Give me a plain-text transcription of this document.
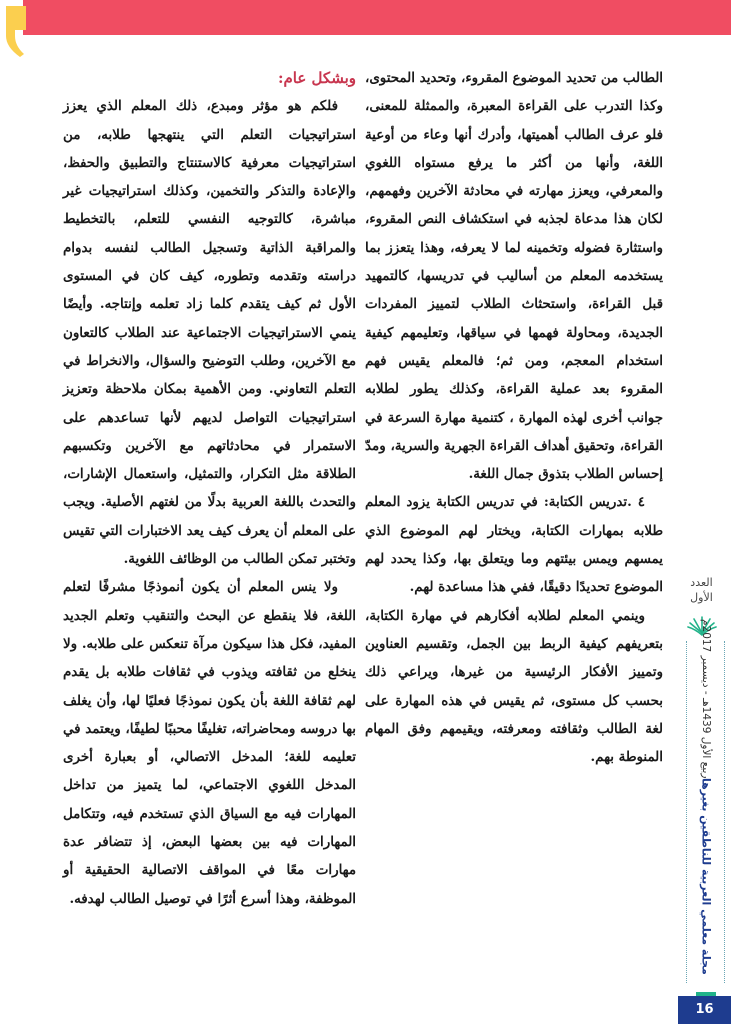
الطالب من تحديد الموضوع المقروء، وتحديد المحتوى، وكذا التدرب على القراءة المعبرة، والممثلة للمعنى، فلو عرف الطالب أهميتها، وأدرك أنها وعاء من أوعية اللغة، وأنها من أكثر ما يرفع مستواه اللغوي والمعرفي، ويعزز مهارته في محادثة الآخرين وفهمهم، لكان هذا مدعاة لجذبه في استكشاف النص المقروء، واستثارة فضوله وتخمينه لما لا يعرفه، وهذا يتعزز بما يستخدمه المعلم من أساليب في تدريسها، كالتمهيد قبل القراءة، واستحثاث الطلاب لتمييز المفردات الجديدة، ومحاولة فهمها في سياقها، وتعليمهم كيفية استخدام المعجم، ومن ثم؛ فالمعلم يقيس فهم المقروء بعد عملية القراءة، وكذلك يطور لطلابه جوانب أخرى لهذه المهارة ، كتنمية مهارة السرعة في القراءة، وتحقيق أهداف القراءة الجهرية والسرية، ومدّ إحساس الطلاب بتذوق جمال اللغة.

٤ .تدريس الكتابة: في تدريس الكتابة يزود المعلم طلابه بمهارات الكتابة، ويختار لهم الموضوع الذي يمسهم ويمس بيئتهم وما ويتعلق بها، وكذا يحدد لهم الموضوع تحديدًا دقيقًا، ففي هذا مساعدة لهم.

وينمي المعلم لطلابه أفكارهم في مهارة الكتابة، بتعريفهم كيفية الربط بين الجمل، وتقسيم العناوين وتمييز الأفكار الرئيسية من غيرها، ويراعي ذلك بحسب كل مستوى، ثم يقيس في هذه المهارة على لغة الطالب وثقافته ومعرفته، ويقيمهم وفق المهام المنوطة بهم.

وبشكل عام:

فلكم هو مؤثر ومبدع، ذلك المعلم الذي يعزز استراتيجيات التعلم التي ينتهجها طلابه، من استراتيجيات معرفية كالاستنتاج والتطبيق والحفظ، والإعادة والتذكر والتخمين، وكذلك استراتيجيات غير مباشرة، كالتوجيه النفسي للتعلم، بالتخطيط والمراقبة الذاتية وتسجيل الطالب لنفسه بدوام دراسته وتقدمه وتطوره، كيف كان في المستوى الأول ثم كيف يتقدم كلما زاد تعلمه وإنتاجه. وأيضًا ينمي الاستراتيجيات الاجتماعية عند الطلاب كالتعاون مع الآخرين، وطلب التوضيح والسؤال، والانخراط في التعلم التعاوني. ومن الأهمية بمكان ملاحظة وتعزيز استراتيجيات التواصل لديهم لأنها تساعدهم على الاستمرار في محادثاتهم مع الآخرين وتكسبهم الطلاقة مثل التكرار، والتمثيل، واستعمال الإشارات، والتحدث باللغة العربية بدلًا من لغتهم الأصلية. ويجب على المعلم أن يعرف كيف يعد الاختبارات التي تقيس وتختبر تمكن الطالب من الوظائف اللغوية.

ولا ينس المعلم أن يكون أنموذجًا مشرفًا لتعلم اللغة، فلا ينقطع عن البحث والتنقيب وتعلم الجديد المفيد، فكل هذا سيكون مرآة تنعكس على طلابه. ولا ينخلع من ثقافته ويذوب في ثقافات طلابه بل يقدم لهم ثقافة اللغة بأن يكون نموذجًا فعليًا لها، وأن يغلف بها دروسه ومحاضراته، تغليفًا محببًا لطيفًا، ويعتمد في تعليمه للغة؛ المدخل الاتصالي، أو بعبارة أخرى المدخل اللغوي الاجتماعي، لما يتميز من تداخل المهارات فيه مع السياق الذي تستخدم فيه، وتتكامل المهارات فيه بين بعضها البعض، إذ تتضافر عدة مهارات معًا في المواقف الاتصالية الحقيقية أو الموظفة، وهذا أسرع أثرًا في توصيل الطالب لهدفه.

العدد
الأول
مجلة معلمي العربية للناطقين بغيرها
ربيع الأول 1439هـ - ديسمبر 2017م
16
